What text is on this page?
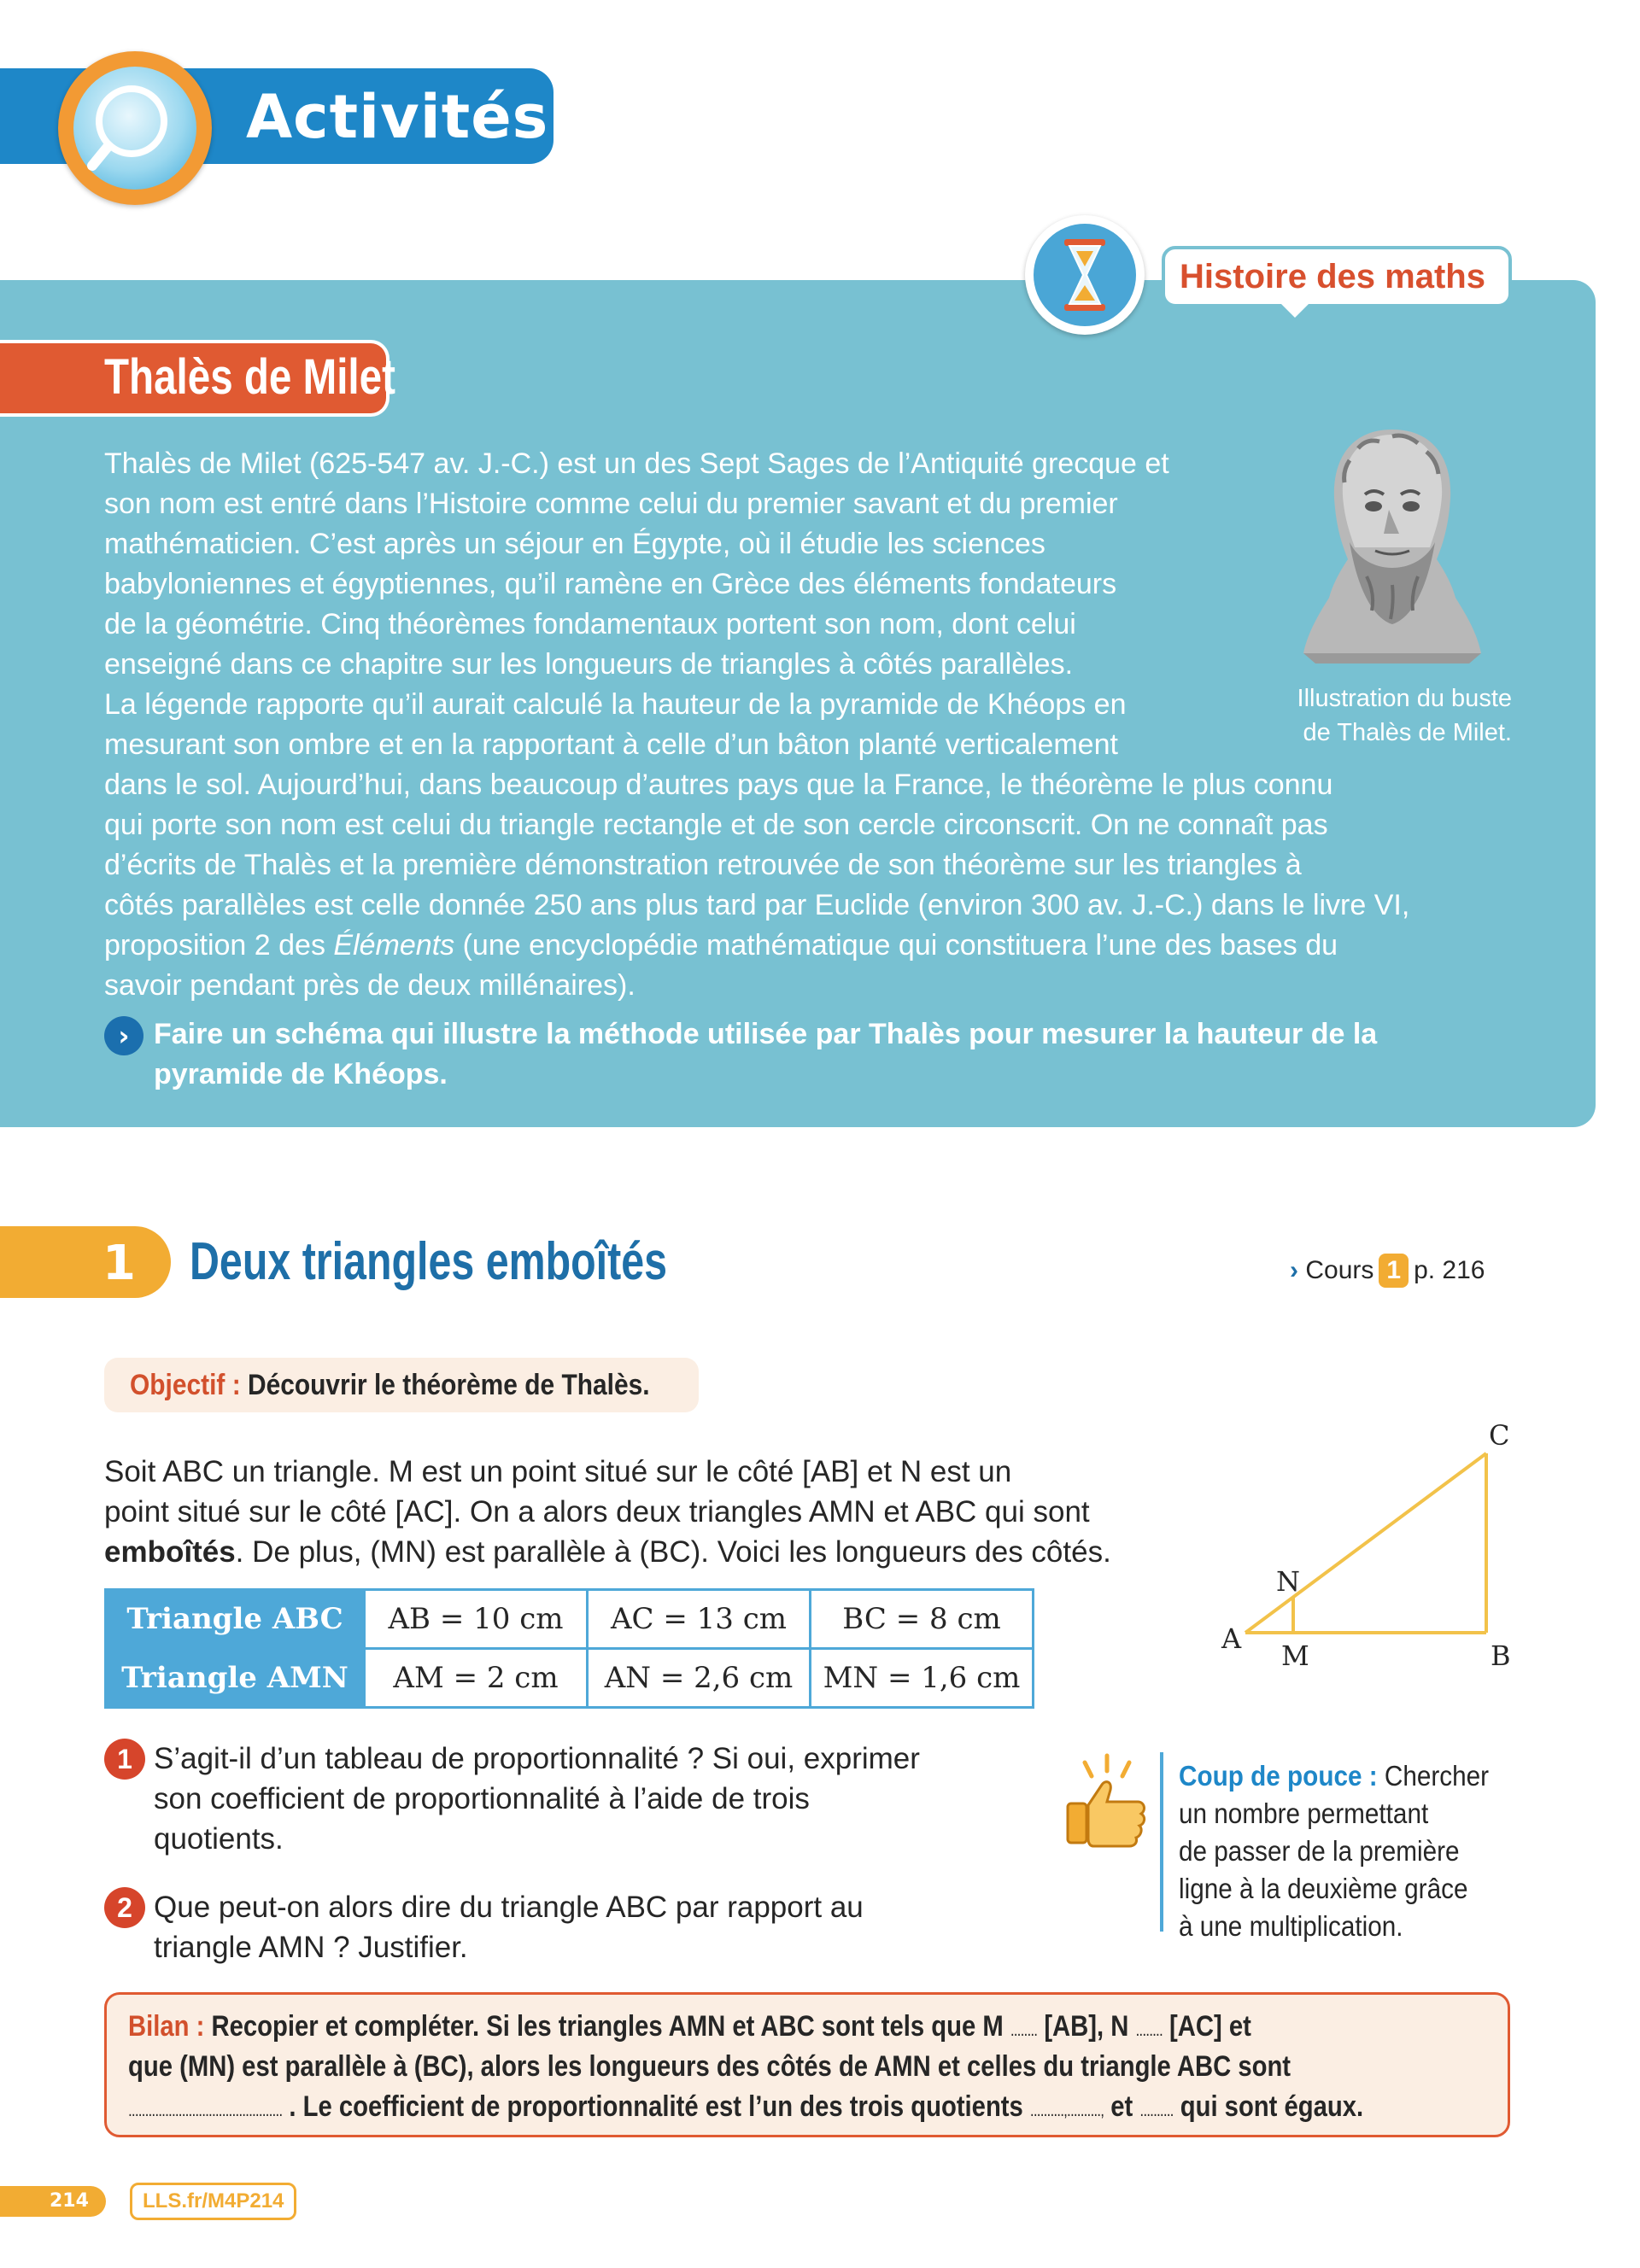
Activités
Histoire des maths
Thalès de Milet
Thalès de Milet (625-547 av. J.-C.) est un des Sept Sages de l’Antiquité grecque et
son nom est entré dans l’Histoire comme celui du premier savant et du premier
mathématicien. C’est après un séjour en Égypte, où il étudie les sciences
babyloniennes et égyptiennes, qu’il ramène en Grèce des éléments fondateurs
de la géométrie. Cinq théorèmes fondamentaux portent son nom, dont celui
enseigné dans ce chapitre sur les longueurs de triangles à côtés parallèles.
La légende rapporte qu’il aurait calculé la hauteur de la pyramide de Khéops en
mesurant son ombre et en la rapportant à celle d’un bâton planté verticalement
dans le sol. Aujourd’hui, dans beaucoup d’autres pays que la France, le théorème le plus connu
qui porte son nom est celui du triangle rectangle et de son cercle circonscrit. On ne connaît pas
d’écrits de Thalès et la première démonstration retrouvée de son théorème sur les triangles à
côtés parallèles est celle donnée 250 ans plus tard par Euclide (environ 300 av. J.-C.) dans le livre VI,
proposition 2 des Éléments (une encyclopédie mathématique qui constituera l’une des bases du
savoir pendant près de deux millénaires).
Illustration du buste
de Thalès de Milet.
› Faire un schéma qui illustre la méthode utilisée par Thalès pour mesurer la hauteur de la
pyramide de Khéops.
1 Deux triangles emboîtés	› Cours 1 p. 216
Objectif : Découvrir le théorème de Thalès.
Soit ABC un triangle. M est un point situé sur le côté [AB] et N est un
point situé sur le côté [AC]. On a alors deux triangles AMN et ABC qui sont
emboîtés. De plus, (MN) est parallèle à (BC). Voici les longueurs des côtés.
Triangle ABC	AB = 10 cm	AC = 13 cm	BC = 8 cm
Triangle AMN	AM = 2 cm	AN = 2,6 cm	MN = 1,6 cm
A
B
C
M
N
1 S’agit-il d’un tableau de proportionnalité ? Si oui, exprimer
son coefficient de proportionnalité à l’aide de trois
quotients.
2 Que peut-on alors dire du triangle ABC par rapport au
triangle AMN ? Justifier.
Coup de pouce : Chercher
un nombre permettant
de passer de la première
ligne à la deuxième grâce
à une multiplication.
Bilan : Recopier et compléter. Si les triangles AMN et ABC sont tels que M ........ [AB], N ........ [AC] et
que (MN) est parallèle à (BC), alors les longueurs des côtés de AMN et celles du triangle ABC sont
.............................................. . Le coefficient de proportionnalité est l’un des trois quotients ..........,.........., et .......... qui sont égaux.
214	LLS.fr/M4P214
